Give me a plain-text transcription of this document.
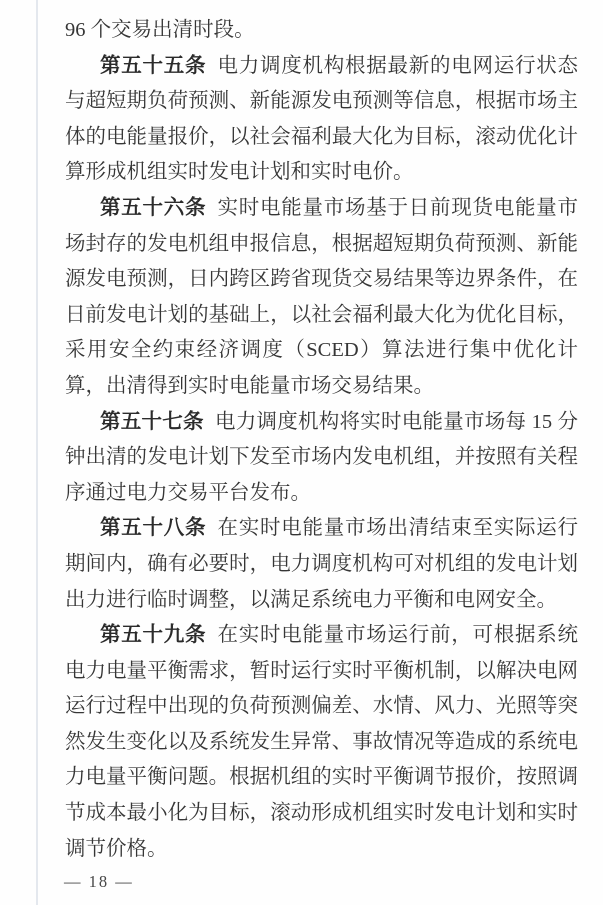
96 个交易出清时段。

第五十五条 电力调度机构根据最新的电网运行状态与超短期负荷预测、新能源发电预测等信息，根据市场主体的电能量报价，以社会福利最大化为目标，滚动优化计算形成机组实时发电计划和实时电价。

第五十六条 实时电能量市场基于日前现货电能量市场封存的发电机组申报信息，根据超短期负荷预测、新能源发电预测，日内跨区跨省现货交易结果等边界条件，在日前发电计划的基础上，以社会福利最大化为优化目标，采用安全约束经济调度（SCED）算法进行集中优化计算，出清得到实时电能量市场交易结果。

第五十七条 电力调度机构将实时电能量市场每 15 分钟出清的发电计划下发至市场内发电机组，并按照有关程序通过电力交易平台发布。

第五十八条 在实时电能量市场出清结束至实际运行期间内，确有必要时，电力调度机构可对机组的发电计划出力进行临时调整，以满足系统电力平衡和电网安全。

第五十九条 在实时电能量市场运行前，可根据系统电力电量平衡需求，暂时运行实时平衡机制，以解决电网运行过程中出现的负荷预测偏差、水情、风力、光照等突然发生变化以及系统发生异常、事故情况等造成的系统电力电量平衡问题。根据机组的实时平衡调节报价，按照调节成本最小化为目标，滚动形成机组实时发电计划和实时调节价格。

— 18 —
